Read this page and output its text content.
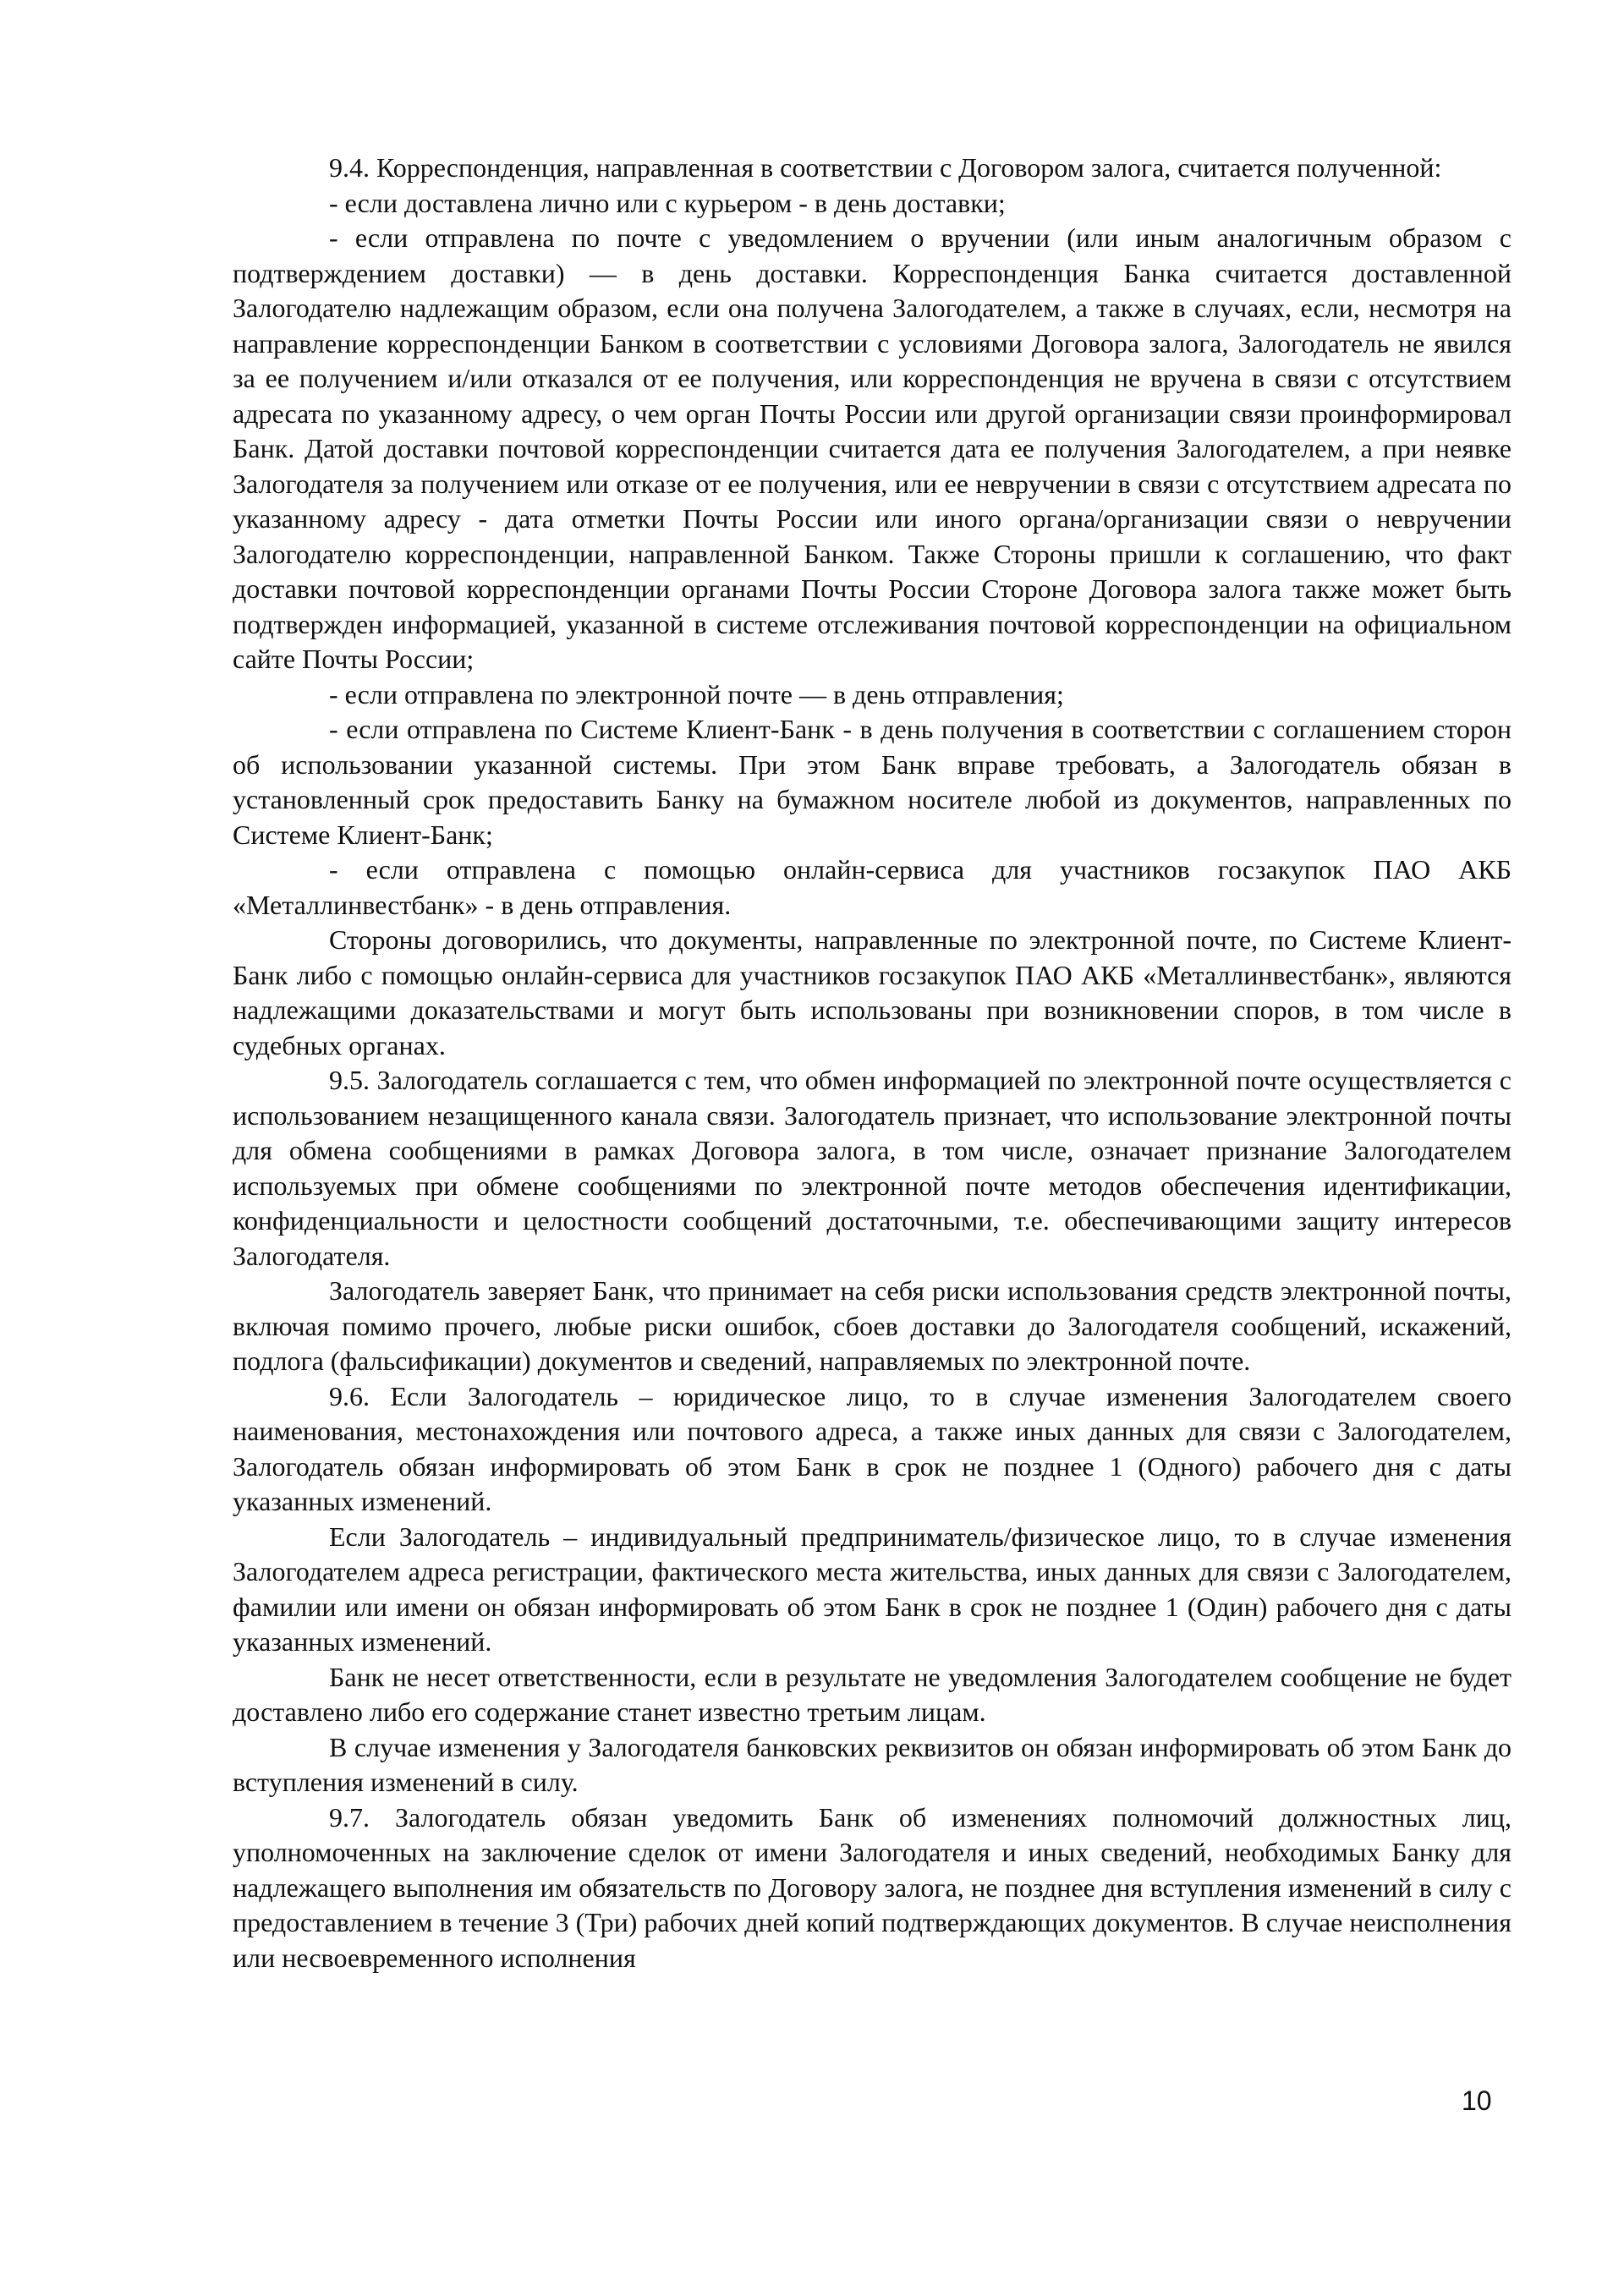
9.4. Корреспонденция, направленная в соответствии с Договором залога, считается полученной:

- если доставлена лично или с курьером - в день доставки;

- если отправлена по почте с уведомлением о вручении (или иным аналогичным образом с подтверждением доставки) — в день доставки. Корреспонденция Банка считается доставленной Залогодателю надлежащим образом, если она получена Залогодателем, а также в случаях, если, несмотря на направление корреспонденции Банком в соответствии с условиями Договора залога, Залогодатель не явился за ее получением и/или отказался от ее получения, или корреспонденция не вручена в связи с отсутствием адресата по указанному адресу, о чем орган Почты России или другой организации связи проинформировал Банк. Датой доставки почтовой корреспонденции считается дата ее получения Залогодателем, а при неявке Залогодателя за получением или отказе от ее получения, или ее невручении в связи с отсутствием адресата по указанному адресу - дата отметки Почты России или иного органа/организации связи о невручении Залогодателю корреспонденции, направленной Банком. Также Стороны пришли к соглашению, что факт доставки почтовой корреспонденции органами Почты России Стороне Договора залога также может быть подтвержден информацией, указанной в системе отслеживания почтовой корреспонденции на официальном сайте Почты России;

- если отправлена по электронной почте — в день отправления;

- если отправлена по Системе Клиент-Банк - в день получения в соответствии с соглашением сторон об использовании указанной системы. При этом Банк вправе требовать, а Залогодатель обязан в установленный срок предоставить Банку на бумажном носителе любой из документов, направленных по Системе Клиент-Банк;

- если отправлена с помощью онлайн-сервиса для участников госзакупок ПАО АКБ «Металлинвестбанк» - в день отправления.

Стороны договорились, что документы, направленные по электронной почте, по Системе Клиент-Банк либо с помощью онлайн-сервиса для участников госзакупок ПАО АКБ «Металлинвестбанк», являются надлежащими доказательствами и могут быть использованы при возникновении споров, в том числе в судебных органах.

9.5. Залогодатель соглашается с тем, что обмен информацией по электронной почте осуществляется с использованием незащищенного канала связи. Залогодатель признает, что использование электронной почты для обмена сообщениями в рамках Договора залога, в том числе, означает признание Залогодателем используемых при обмене сообщениями по электронной почте методов обеспечения идентификации, конфиденциальности и целостности сообщений достаточными, т.е. обеспечивающими защиту интересов Залогодателя.

Залогодатель заверяет Банк, что принимает на себя риски использования средств электронной почты, включая помимо прочего, любые риски ошибок, сбоев доставки до Залогодателя сообщений, искажений, подлога (фальсификации) документов и сведений, направляемых по электронной почте.

9.6. Если Залогодатель – юридическое лицо, то в случае изменения Залогодателем своего наименования, местонахождения или почтового адреса, а также иных данных для связи с Залогодателем, Залогодатель обязан информировать об этом Банк в срок не позднее 1 (Одного) рабочего дня с даты указанных изменений.

Если Залогодатель – индивидуальный предприниматель/физическое лицо, то в случае изменения Залогодателем адреса регистрации, фактического места жительства, иных данных для связи с Залогодателем, фамилии или имени он обязан информировать об этом Банк в срок не позднее 1 (Один) рабочего дня с даты указанных изменений.

Банк не несет ответственности, если в результате не уведомления Залогодателем сообщение не будет доставлено либо его содержание станет известно третьим лицам.

В случае изменения у Залогодателя банковских реквизитов он обязан информировать об этом Банк до вступления изменений в силу.

9.7. Залогодатель обязан уведомить Банк об изменениях полномочий должностных лиц, уполномоченных на заключение сделок от имени Залогодателя и иных сведений, необходимых Банку для надлежащего выполнения им обязательств по Договору залога, не позднее дня вступления изменений в силу с предоставлением в течение 3 (Три) рабочих дней копий подтверждающих документов. В случае неисполнения или несвоевременного исполнения

10
